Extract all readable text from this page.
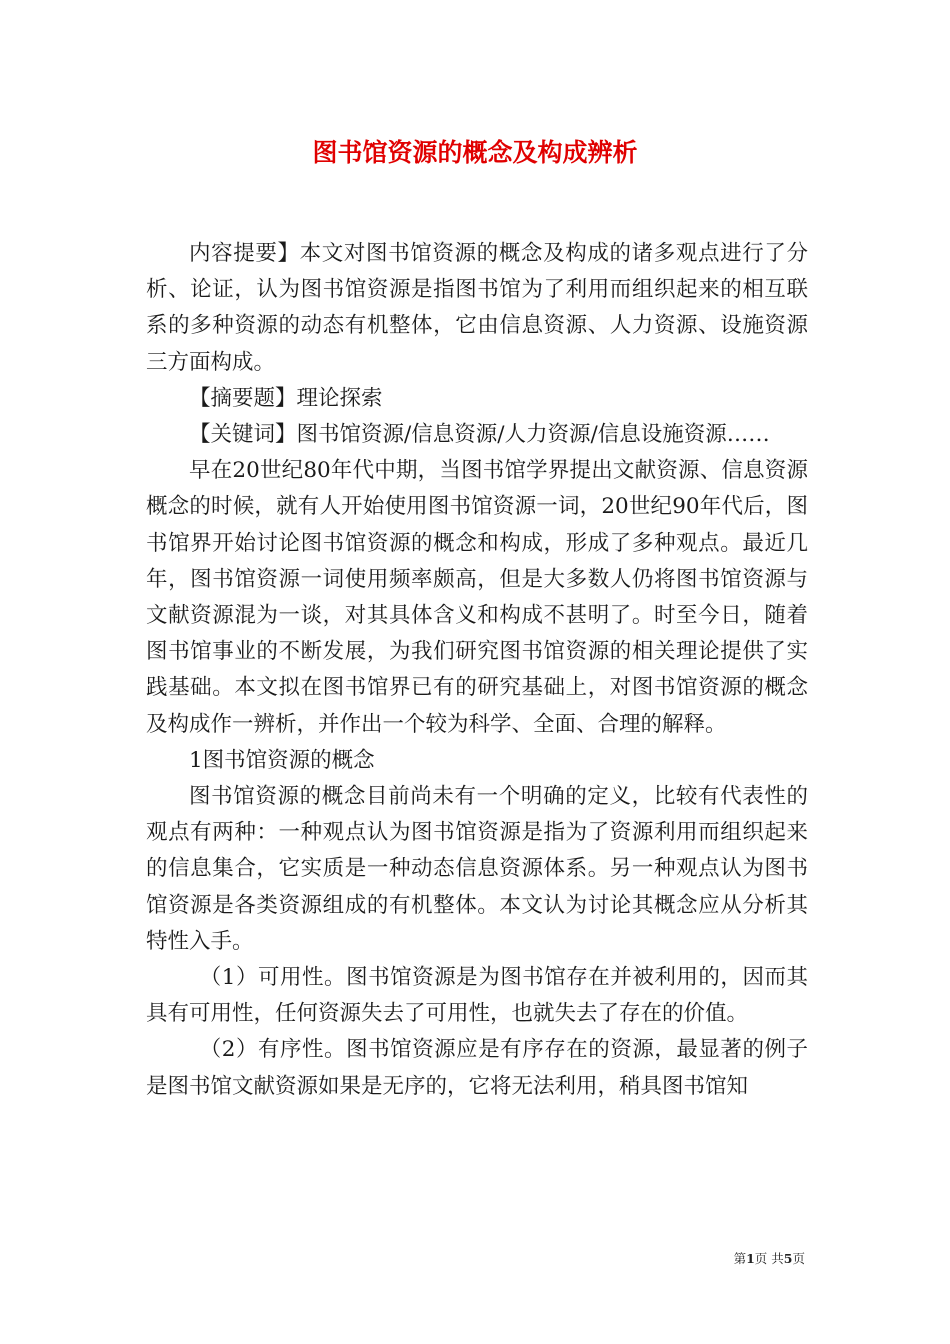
图书馆资源的概念及构成辨析

内容提要】本文对图书馆资源的概念及构成的诸多观点进行了分析、论证，认为图书馆资源是指图书馆为了利用而组织起来的相互联系的多种资源的动态有机整体，它由信息资源、人力资源、设施资源三方面构成。

【摘要题】理论探索

【关键词】图书馆资源/信息资源/人力资源/信息设施资源……

早在20世纪80年代中期，当图书馆学界提出文献资源、信息资源概念的时候，就有人开始使用图书馆资源一词，20世纪90年代后，图书馆界开始讨论图书馆资源的概念和构成，形成了多种观点。最近几年，图书馆资源一词使用频率颇高，但是大多数人仍将图书馆资源与文献资源混为一谈，对其具体含义和构成不甚明了。时至今日，随着图书馆事业的不断发展，为我们研究图书馆资源的相关理论提供了实践基础。本文拟在图书馆界已有的研究基础上，对图书馆资源的概念及构成作一辨析，并作出一个较为科学、全面、合理的解释。

1图书馆资源的概念

图书馆资源的概念目前尚未有一个明确的定义，比较有代表性的观点有两种：一种观点认为图书馆资源是指为了资源利用而组织起来的信息集合，它实质是一种动态信息资源体系。另一种观点认为图书馆资源是各类资源组成的有机整体。本文认为讨论其概念应从分析其特性入手。

（1）可用性。图书馆资源是为图书馆存在并被利用的，因而其具有可用性，任何资源失去了可用性，也就失去了存在的价值。

（2）有序性。图书馆资源应是有序存在的资源，最显著的例子是图书馆文献资源如果是无序的，它将无法利用，稍具图书馆知

第1页 共5页
